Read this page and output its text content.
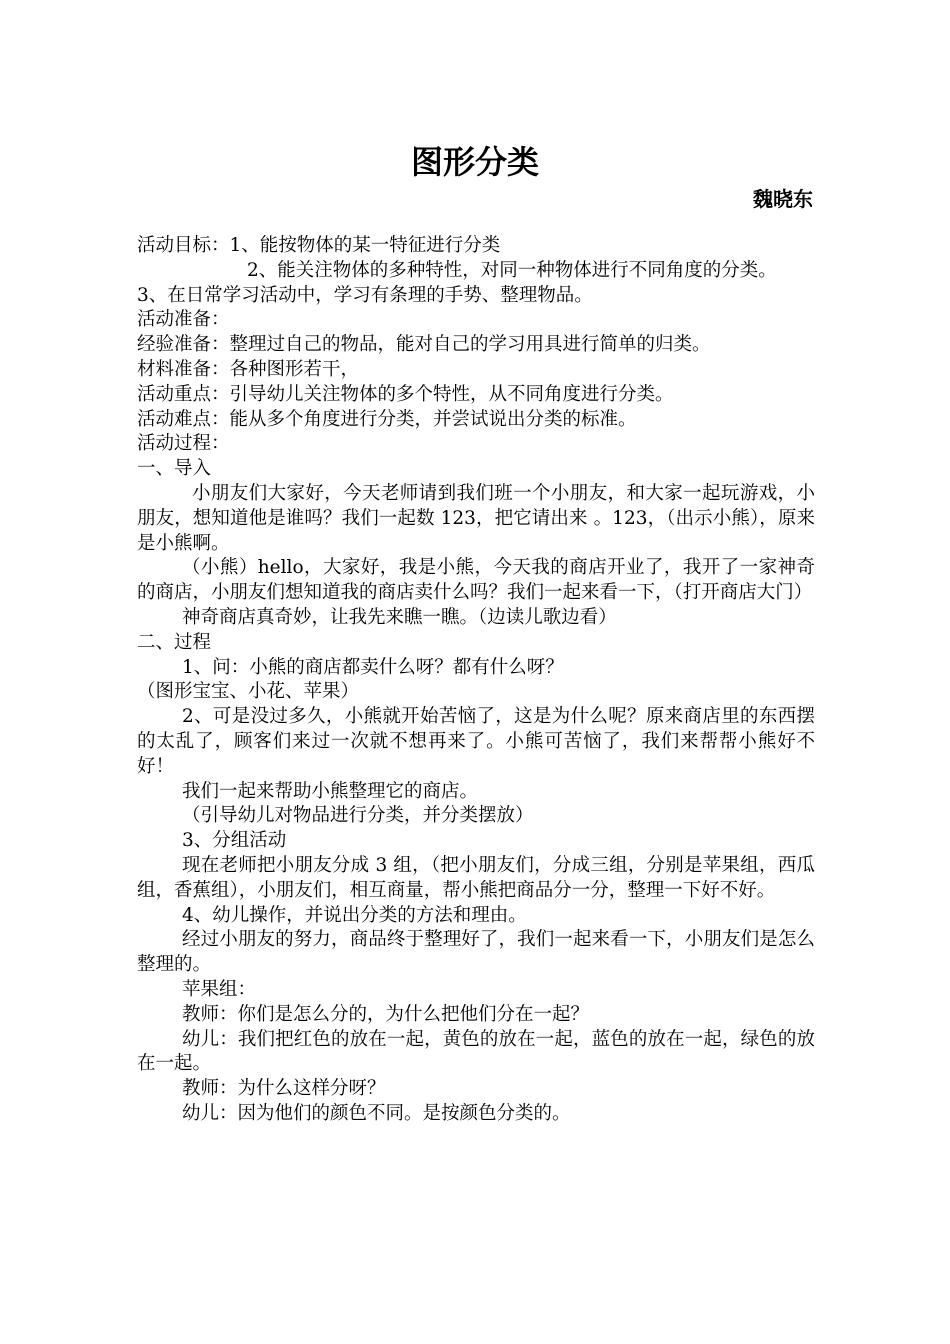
图形分类
魏晓东

活动目标：1、能按物体的某一特征进行分类

2、能关注物体的多种特性，对同一种物体进行不同角度的分类。

3、在日常学习活动中，学习有条理的手势、整理物品。

活动准备：

经验准备：整理过自己的物品，能对自己的学习用具进行简单的归类。

材料准备：各种图形若干，

活动重点：引导幼儿关注物体的多个特性，从不同角度进行分类。

活动难点：能从多个角度进行分类，并尝试说出分类的标准。

活动过程：

一、导入

小朋友们大家好，今天老师请到我们班一个小朋友，和大家一起玩游戏，小朋友，想知道他是谁吗？我们一起数 123，把它请出来 。123，（出示小熊），原来是小熊啊。

（小熊）hello，大家好，我是小熊，今天我的商店开业了，我开了一家神奇的商店，小朋友们想知道我的商店卖什么吗？我们一起来看一下，（打开商店大门）

神奇商店真奇妙，让我先来瞧一瞧。（边读儿歌边看）

二、过程

1、问：小熊的商店都卖什么呀？都有什么呀？

（图形宝宝、小花、苹果）

2、可是没过多久，小熊就开始苦恼了，这是为什么呢？原来商店里的东西摆的太乱了，顾客们来过一次就不想再来了。小熊可苦恼了，我们来帮帮小熊好不好！

我们一起来帮助小熊整理它的商店。

（引导幼儿对物品进行分类，并分类摆放）

3、分组活动

现在老师把小朋友分成 3 组，（把小朋友们，分成三组，分别是苹果组，西瓜组，香蕉组），小朋友们，相互商量，帮小熊把商品分一分，整理一下好不好。

4、幼儿操作，并说出分类的方法和理由。

经过小朋友的努力，商品终于整理好了，我们一起来看一下，小朋友们是怎么整理的。

苹果组：

教师：你们是怎么分的，为什么把他们分在一起？

幼儿：我们把红色的放在一起，黄色的放在一起，蓝色的放在一起，绿色的放在一起。

教师：为什么这样分呀？

幼儿：因为他们的颜色不同。是按颜色分类的。
